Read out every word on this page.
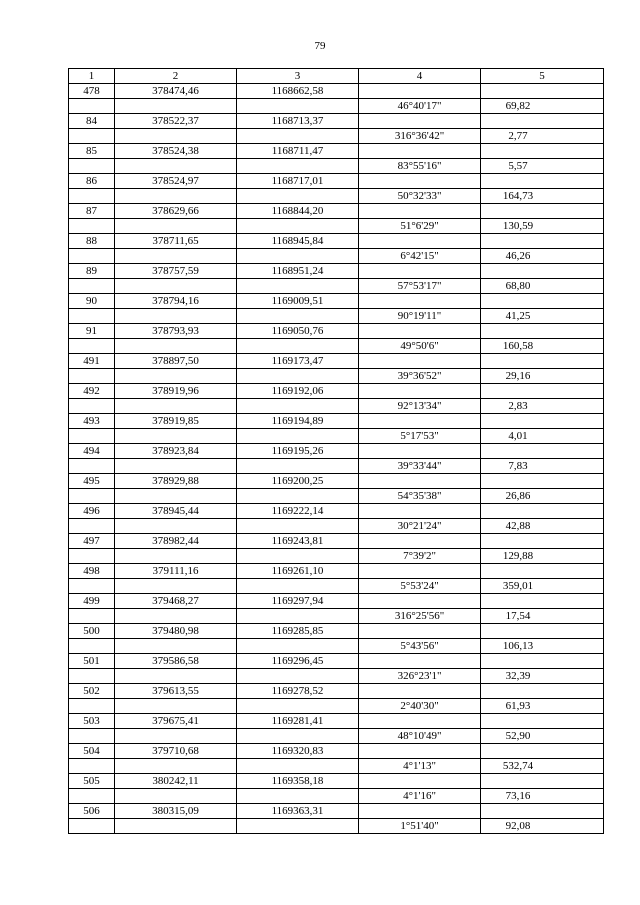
79
1	2	3	4	5
478	378474,46	1168662,58		
			46°40'17"	69,82
84	378522,37	1168713,37		
			316°36'42"	2,77
85	378524,38	1168711,47		
			83°55'16"	5,57
86	378524,97	1168717,01		
			50°32'33"	164,73
87	378629,66	1168844,20		
			51°6'29"	130,59
88	378711,65	1168945,84		
			6°42'15"	46,26
89	378757,59	1168951,24		
			57°53'17"	68,80
90	378794,16	1169009,51		
			90°19'11"	41,25
91	378793,93	1169050,76		
			49°50'6"	160,58
491	378897,50	1169173,47		
			39°36'52"	29,16
492	378919,96	1169192,06		
			92°13'34"	2,83
493	378919,85	1169194,89		
			5°17'53"	4,01
494	378923,84	1169195,26		
			39°33'44"	7,83
495	378929,88	1169200,25		
			54°35'38"	26,86
496	378945,44	1169222,14		
			30°21'24"	42,88
497	378982,44	1169243,81		
			7°39'2"	129,88
498	379111,16	1169261,10		
			5°53'24"	359,01
499	379468,27	1169297,94		
			316°25'56"	17,54
500	379480,98	1169285,85		
			5°43'56"	106,13
501	379586,58	1169296,45		
			326°23'1"	32,39
502	379613,55	1169278,52		
			2°40'30"	61,93
503	379675,41	1169281,41		
			48°10'49"	52,90
504	379710,68	1169320,83		
			4°1'13"	532,74
505	380242,11	1169358,18		
			4°1'16"	73,16
506	380315,09	1169363,31		
			1°51'40"	92,08
